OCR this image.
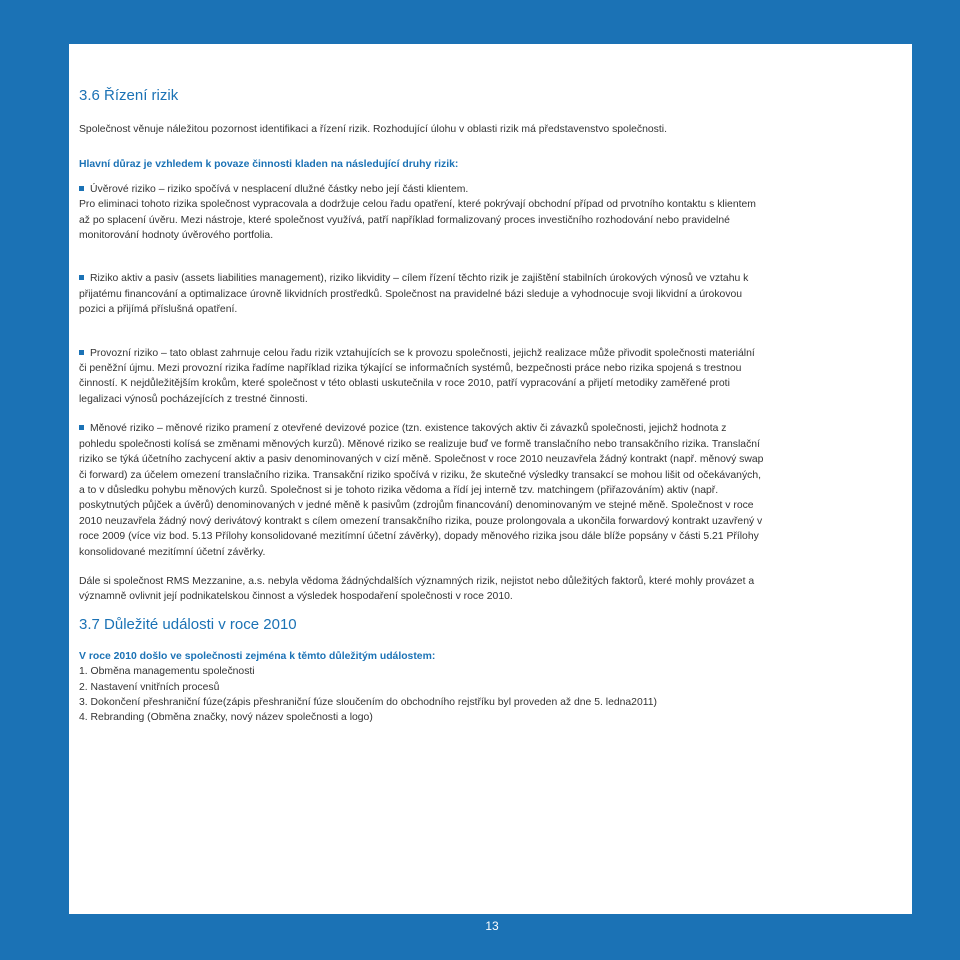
3.6 Řízení rizik

Společnost věnuje náležitou pozornost identifikaci a řízení rizik. Rozhodující úlohu v oblasti rizik má představenstvo společnosti.

Hlavní důraz je vzhledem k povaze činnosti kladen na následující druhy rizik:

Úvěrové riziko – riziko spočívá v nesplacení dlužné částky nebo její části klientem.

Pro eliminaci tohoto rizika společnost vypracovala a dodržuje celou řadu opatření, které pokrývají obchodní případ od prvotního kontaktu s klientem až po splacení úvěru. Mezi nástroje, které společnost využívá, patří například formalizovaný proces investičního rozhodování nebo pravidelné monitorování hodnoty úvěrového portfolia.

Riziko aktiv a pasiv (assets liabilities management), riziko likvidity – cílem řízení těchto rizik je zajištění stabilních úrokových výnosů ve vztahu k přijatému financování a optimalizace úrovně likvidních prostředků. Společnost na pravidelné bázi sleduje a vyhodnocuje svoji likvidní a úrokovou pozici a přijímá příslušná opatření.

Provozní riziko – tato oblast zahrnuje celou řadu rizik vztahujících se k provozu společnosti, jejichž realizace může přivodit společnosti materiální či peněžní újmu. Mezi provozní rizika řadíme například rizika týkající se informačních systémů, bezpečnosti práce nebo rizika spojená s trestnou činností. K nejdůležitějším krokům, které společnost v této oblasti uskutečnila v roce 2010, patří vypracování a přijetí metodiky zaměřené proti legalizaci výnosů pocházejících z trestné činnosti.

Měnové riziko – měnové riziko pramení z otevřené devizové pozice (tzn. existence takových aktiv či závazků společnosti, jejichž hodnota z pohledu společnosti kolísá se změnami měnových kurzů). Měnové riziko se realizuje buď ve formě translačního nebo transakčního rizika. Translační riziko se týká účetního zachycení aktiv a pasiv denominovaných v cizí měně. Společnost v roce 2010 neuzavřela žádný kontrakt (např. měnový swap či forward) za účelem omezení translačního rizika. Transakční riziko spočívá v riziku, že skutečné výsledky transakcí se mohou lišit od očekávaných, a to v důsledku pohybu měnových kurzů. Společnost si je tohoto rizika vědoma a řídí jej interně tzv. matchingem (přiřazováním) aktiv (např. poskytnutých půjček a úvěrů) denominovaných v jedné měně k pasivům (zdrojům financování) denominovaným ve stejné měně. Společnost v roce 2010 neuzavřela žádný nový derivátový kontrakt s cílem omezení transakčního rizika, pouze prolongovala a ukončila forwardový kontrakt uzavřený v roce 2009 (více viz bod. 5.13 Přílohy konsolidované mezitímní účetní závěrky), dopady měnového rizika jsou dále blíže popsány v části 5.21 Přílohy konsolidované mezitímní účetní závěrky.

Dále si společnost RMS Mezzanine, a.s. nebyla vědoma žádnýchdalších významných rizik, nejistot nebo důležitých faktorů, které mohly provázet a významně ovlivnit její podnikatelskou činnost a výsledek hospodaření společnosti v roce 2010.

3.7 Důležité události v roce 2010

V roce 2010 došlo ve společnosti zejména k těmto důležitým událostem:

1. Obměna managementu společnosti
2. Nastavení vnitřních procesů
3. Dokončení přeshraniční fúze(zápis přeshraniční fúze sloučením do obchodního rejstříku byl proveden až dne 5. ledna2011)
4. Rebranding (Obměna značky, nový název společnosti a logo)
13
